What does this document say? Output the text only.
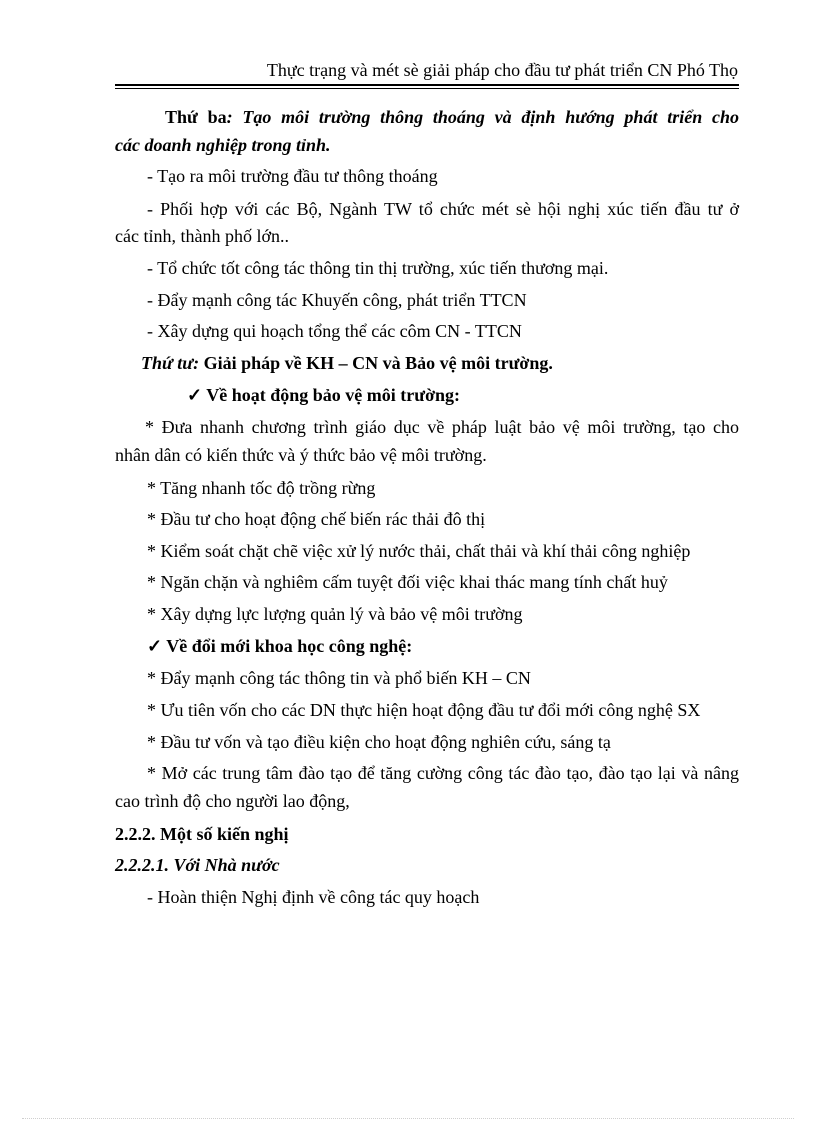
Thực trạng và mét sè giải pháp cho đầu tư phát triển CN Phó Thọ
Thứ ba: Tạo môi trường thông thoáng và định hướng phát triển cho
các doanh nghiệp trong tỉnh.
- Tạo ra môi trường đầu tư thông thoáng
- Phối hợp với các Bộ, Ngành TW tổ chức mét sè hội nghị xúc tiến đầu tư ở
các tỉnh, thành phố lớn..
- Tổ chức tốt công tác thông tin thị trường, xúc tiến thương mại.
- Đẩy mạnh công tác Khuyến công, phát triển TTCN
- Xây dựng qui hoạch tổng thể các côm CN - TTCN
Thứ tư: Giải pháp về KH – CN và Bảo vệ môi trường.
✓ Về hoạt động bảo vệ môi trường:
* Đưa nhanh chương trình giáo dục về pháp luật bảo vệ môi trường, tạo cho
nhân dân có kiến thức và ý thức bảo vệ môi trường.
* Tăng nhanh tốc độ trồng rừng
* Đầu tư cho hoạt động chế biến rác thải đô thị
* Kiểm soát chặt chẽ việc xử lý nước thải, chất thải và khí thải công nghiệp
* Ngăn chặn và nghiêm cấm tuyệt đối việc khai thác mang tính chất huỷ
* Xây dựng lực lượng quản lý và bảo vệ môi trường
✓ Về đổi mới khoa học công nghệ:
* Đẩy mạnh công tác thông tin và phổ biến KH – CN
* Ưu tiên vốn cho các DN thực hiện hoạt động đầu tư đổi mới công nghệ SX
* Đầu tư vốn và tạo điều kiện cho hoạt động nghiên cứu, sáng tạ
* Mở các trung tâm đào tạo để tăng cường công tác đào tạo, đào tạo lại và nâng
cao trình độ cho người lao động,
2.2.2. Một số kiến nghị
2.2.2.1. Với Nhà nước
- Hoàn thiện Nghị định về công tác quy hoạch
